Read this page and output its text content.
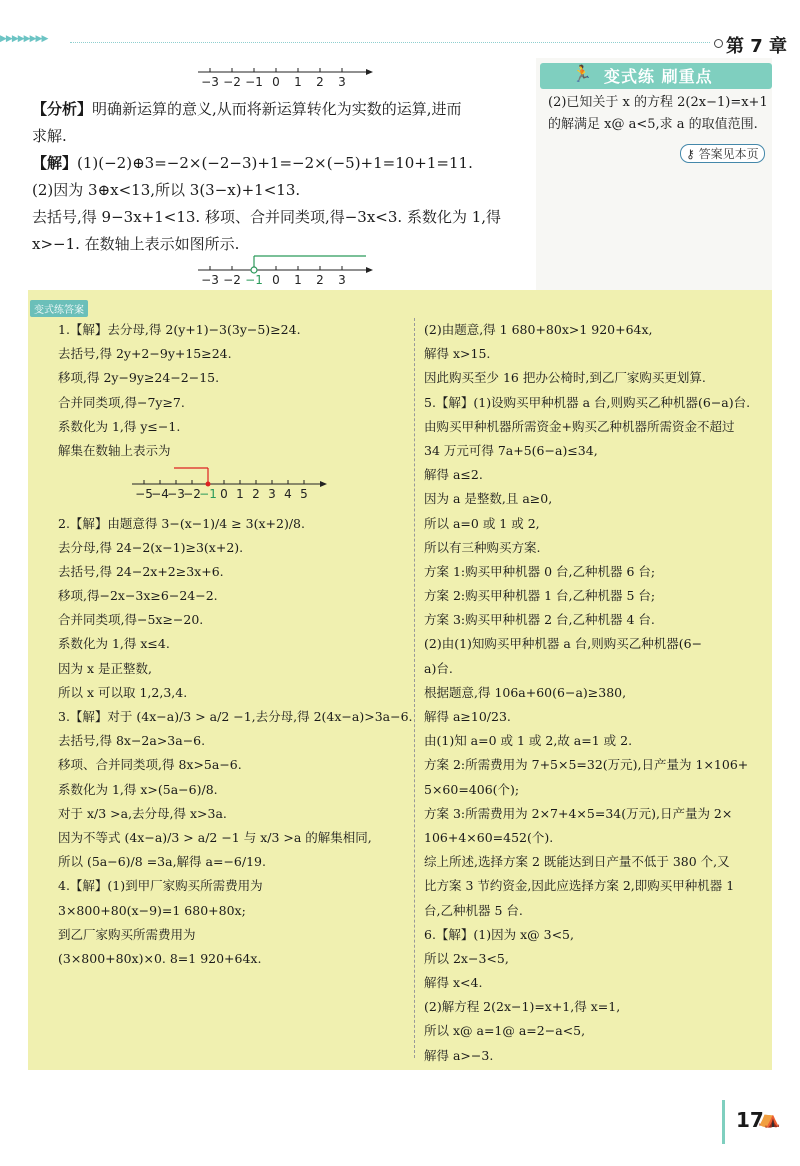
▶▶▶▶▶▶▶▶	第 7 章
−3 −2 −1 0 1 2 3
【分析】明确新运算的意义,从而将新运算转化为实数的运算,进而
求解.
【解】(1)(−2)⊕3=−2×(−2−3)+1=−2×(−5)+1=10+1=11.
(2)因为 3⊕x<13,所以 3(3−x)+1<13.
去括号,得 9−3x+1<13. 移项、合并同类项,得−3x<3. 系数化为 1,得
x>−1. 在数轴上表示如图所示.
−3 −2 −1 0 1 2 3
🏃 变式练 刷重点
(2)已知关于 x 的方程 2(2x−1)=x+1
的解满足 x@ a<5,求 a 的取值范围.
⚷ 答案见本页
变式练答案
1.【解】去分母,得 2(y+1)−3(3y−5)≥24.
去括号,得 2y+2−9y+15≥24.
移项,得 2y−9y≥24−2−15.
合并同类项,得−7y≥7.
系数化为 1,得 y≤−1.
解集在数轴上表示为
2.【解】由题意得 3−(x−1)/4 ≥ 3(x+2)/8.
去分母,得 24−2(x−1)≥3(x+2).
去括号,得 24−2x+2≥3x+6.
移项,得−2x−3x≥6−24−2.
合并同类项,得−5x≥−20.
系数化为 1,得 x≤4.
因为 x 是正整数,
所以 x 可以取 1,2,3,4.
3.【解】对于 (4x−a)/3 > a/2 −1,去分母,得 2(4x−a)>3a−6.
去括号,得 8x−2a>3a−6.
移项、合并同类项,得 8x>5a−6.
系数化为 1,得 x>(5a−6)/8.
对于 x/3 >a,去分母,得 x>3a.
因为不等式 (4x−a)/3 > a/2 −1 与 x/3 >a 的解集相同,
所以 (5a−6)/8 =3a,解得 a=−6/19.
4.【解】(1)到甲厂家购买所需费用为
3×800+80(x−9)=1 680+80x;
到乙厂家购买所需费用为
(3×800+80x)×0. 8=1 920+64x.
(2)由题意,得 1 680+80x>1 920+64x,
解得 x>15.
因此购买至少 16 把办公椅时,到乙厂家购买更划算.
5.【解】(1)设购买甲种机器 a 台,则购买乙种机器(6−a)台.
由购买甲种机器所需资金+购买乙种机器所需资金不超过
34 万元可得 7a+5(6−a)≤34,
解得 a≤2.
因为 a 是整数,且 a≥0,
所以 a=0 或 1 或 2,
所以有三种购买方案.
方案 1:购买甲种机器 0 台,乙种机器 6 台;
方案 2:购买甲种机器 1 台,乙种机器 5 台;
方案 3:购买甲种机器 2 台,乙种机器 4 台.
(2)由(1)知购买甲种机器 a 台,则购买乙种机器(6−
a)台.
根据题意,得 106a+60(6−a)≥380,
解得 a≥10/23.
由(1)知 a=0 或 1 或 2,故 a=1 或 2.
方案 2:所需费用为 7+5×5=32(万元),日产量为 1×106+
5×60=406(个);
方案 3:所需费用为 2×7+4×5=34(万元),日产量为 2×
106+4×60=452(个).
综上所述,选择方案 2 既能达到日产量不低于 380 个,又
比方案 3 节约资金,因此应选择方案 2,即购买甲种机器 1
台,乙种机器 5 台.
6.【解】(1)因为 x@ 3<5,
所以 2x−3<5,
解得 x<4.
(2)解方程 2(2x−1)=x+1,得 x=1,
所以 x@ a=1@ a=2−a<5,
解得 a>−3.
−5
−4
−3
−2
−1 0 1 2 3 4 5
17
⛺
